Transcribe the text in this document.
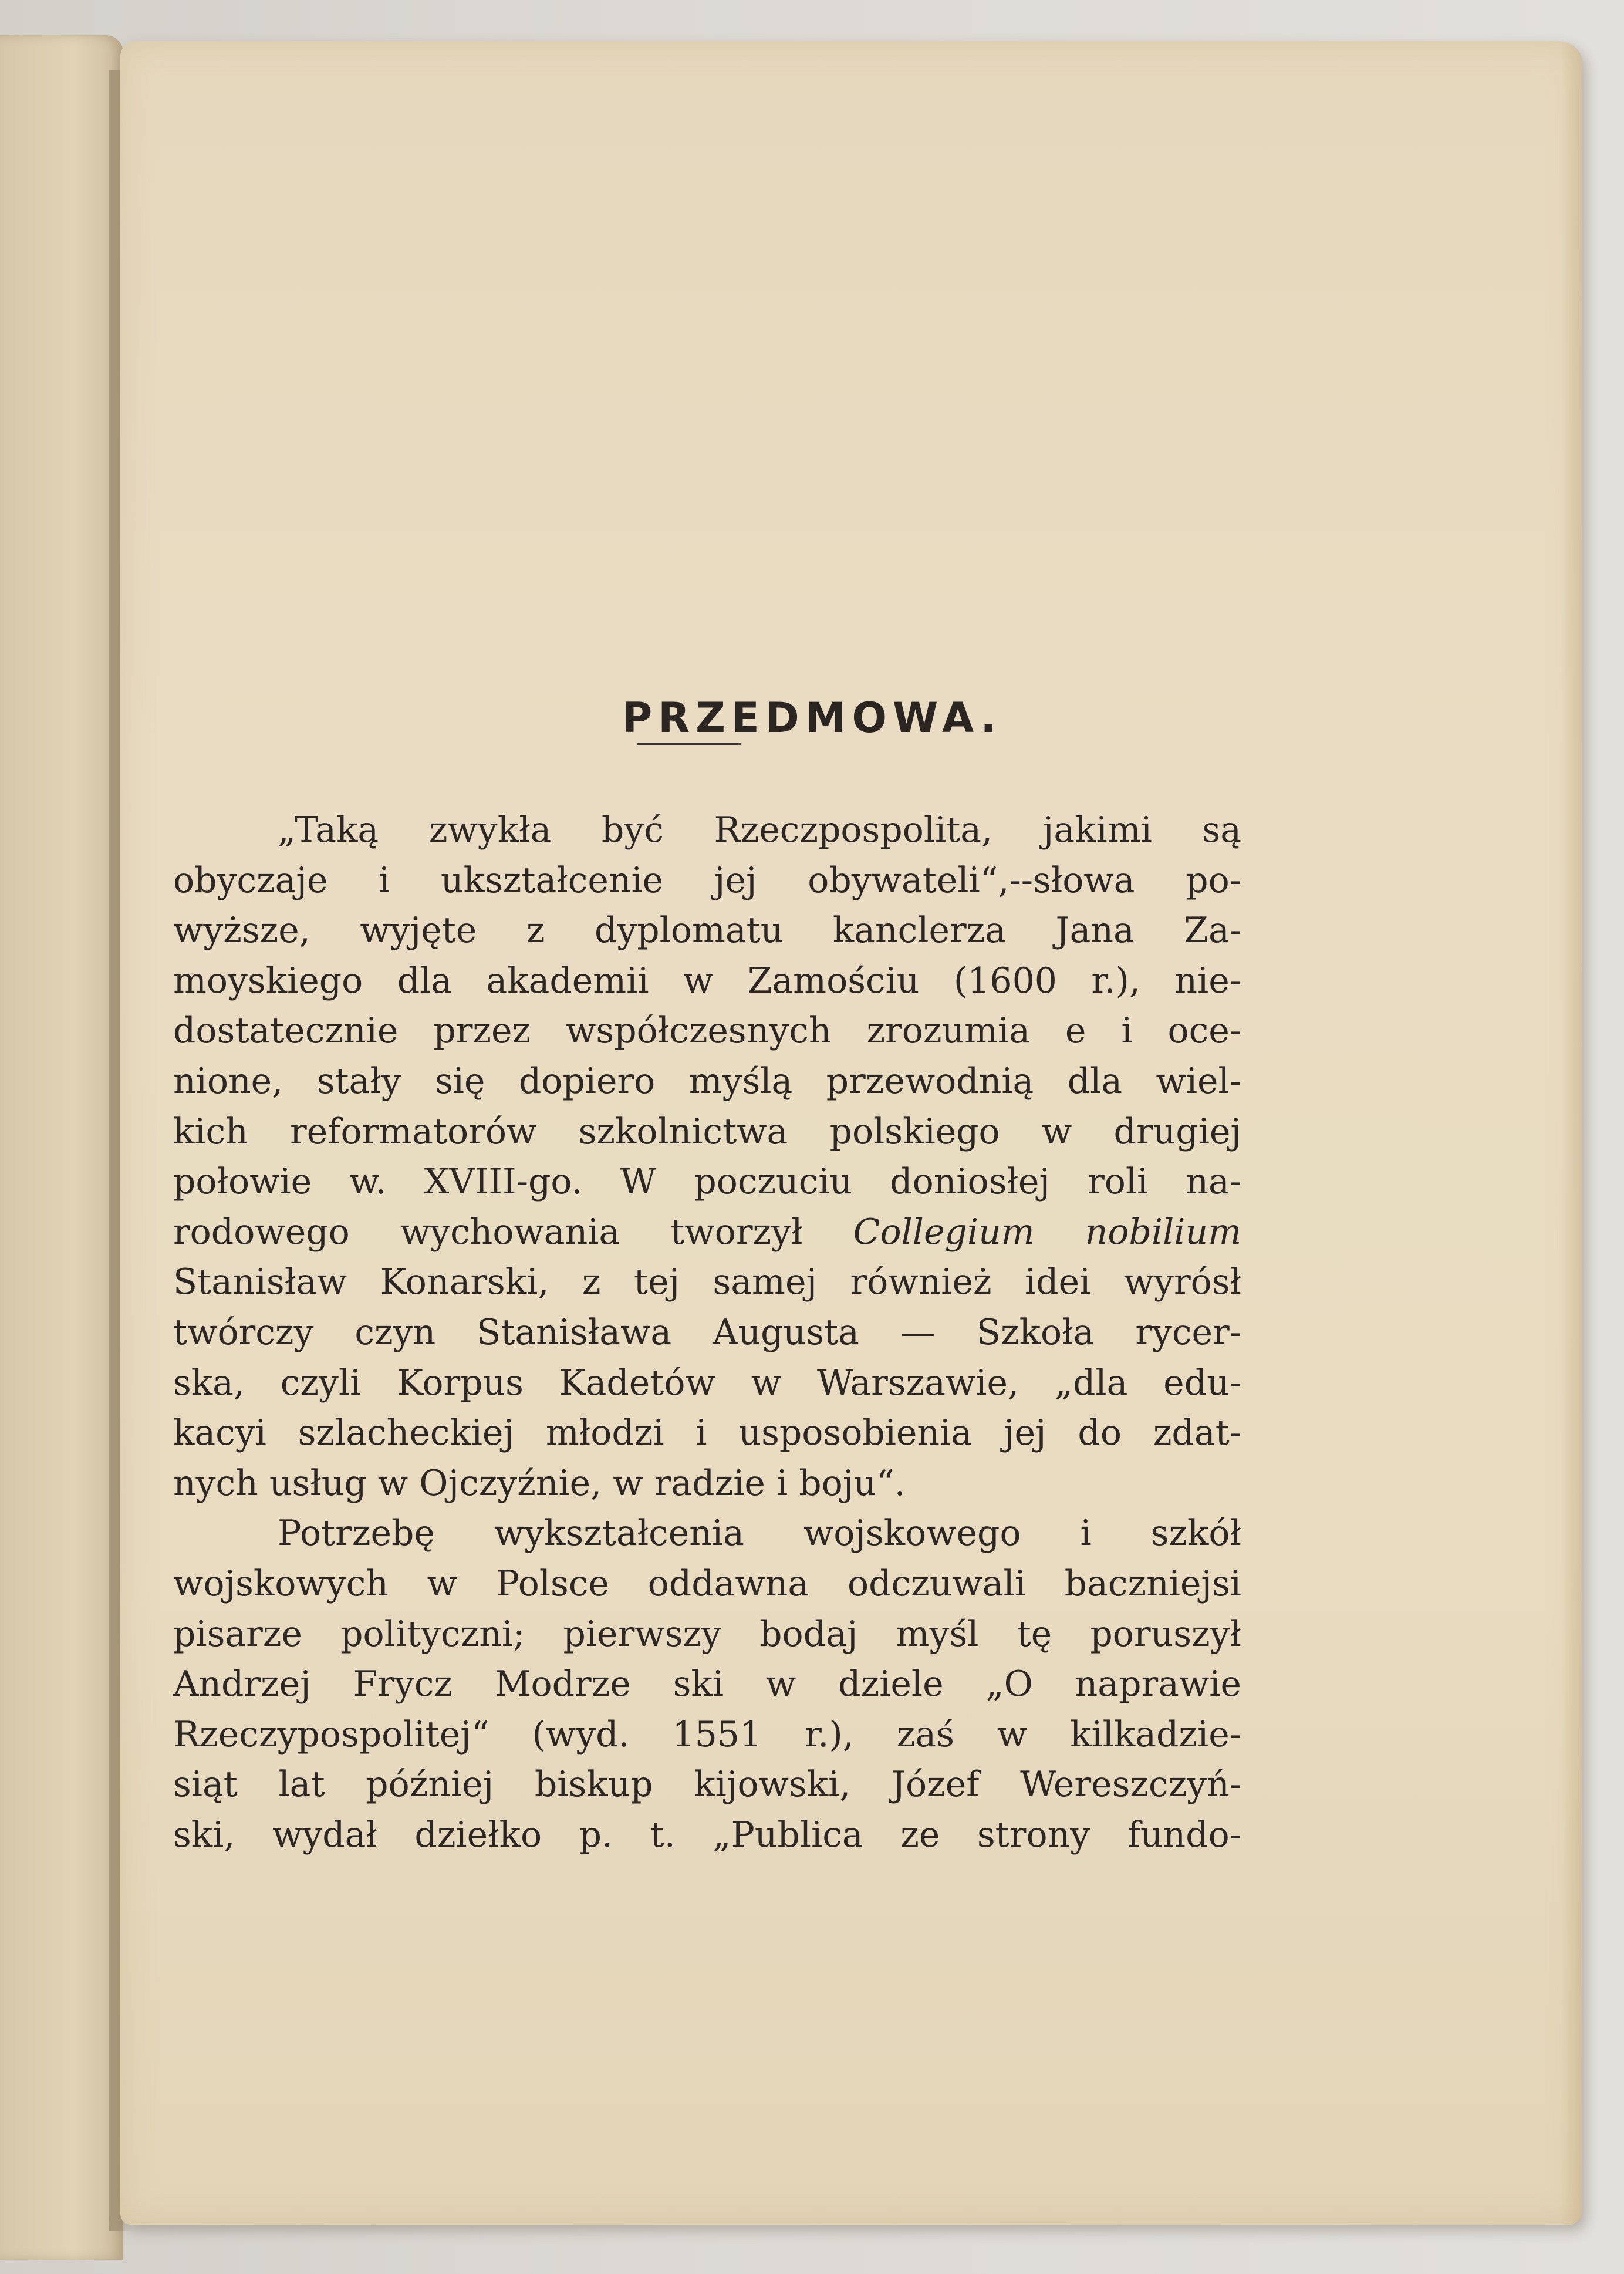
PRZEDMOWA.
„Taką zwykła być Rzeczpospolita, jakimi są
obyczaje i ukształcenie jej obywateli“,--słowa po-
wyższe, wyjęte z dyplomatu kanclerza Jana Za-
moyskiego dla akademii w Zamościu (1600 r.), nie-
dostatecznie przez współczesnych zrozumia e i oce-
nione, stały się dopiero myślą przewodnią dla wiel-
kich reformatorów szkolnictwa polskiego w drugiej
połowie w. XVIII-go. W poczuciu doniosłej roli na-
rodowego wychowania tworzył Collegium nobilium
Stanisław Konarski, z tej samej również idei wyrósł
twórczy czyn Stanisława Augusta — Szkoła rycer-
ska, czyli Korpus Kadetów w Warszawie, „dla edu-
kacyi szlacheckiej młodzi i usposobienia jej do zdat-
nych usług w Ojczyźnie, w radzie i boju“.
Potrzebę wykształcenia wojskowego i szkół
wojskowych w Polsce oddawna odczuwali baczniejsi
pisarze polityczni; pierwszy bodaj myśl tę poruszył
Andrzej Frycz Modrze ski w dziele „O naprawie
Rzeczypospolitej“ (wyd. 1551 r.), zaś w kilkadzie-
siąt lat później biskup kijowski, Józef Wereszczyń-
ski, wydał dziełko p. t. „Publica ze strony fundo-
